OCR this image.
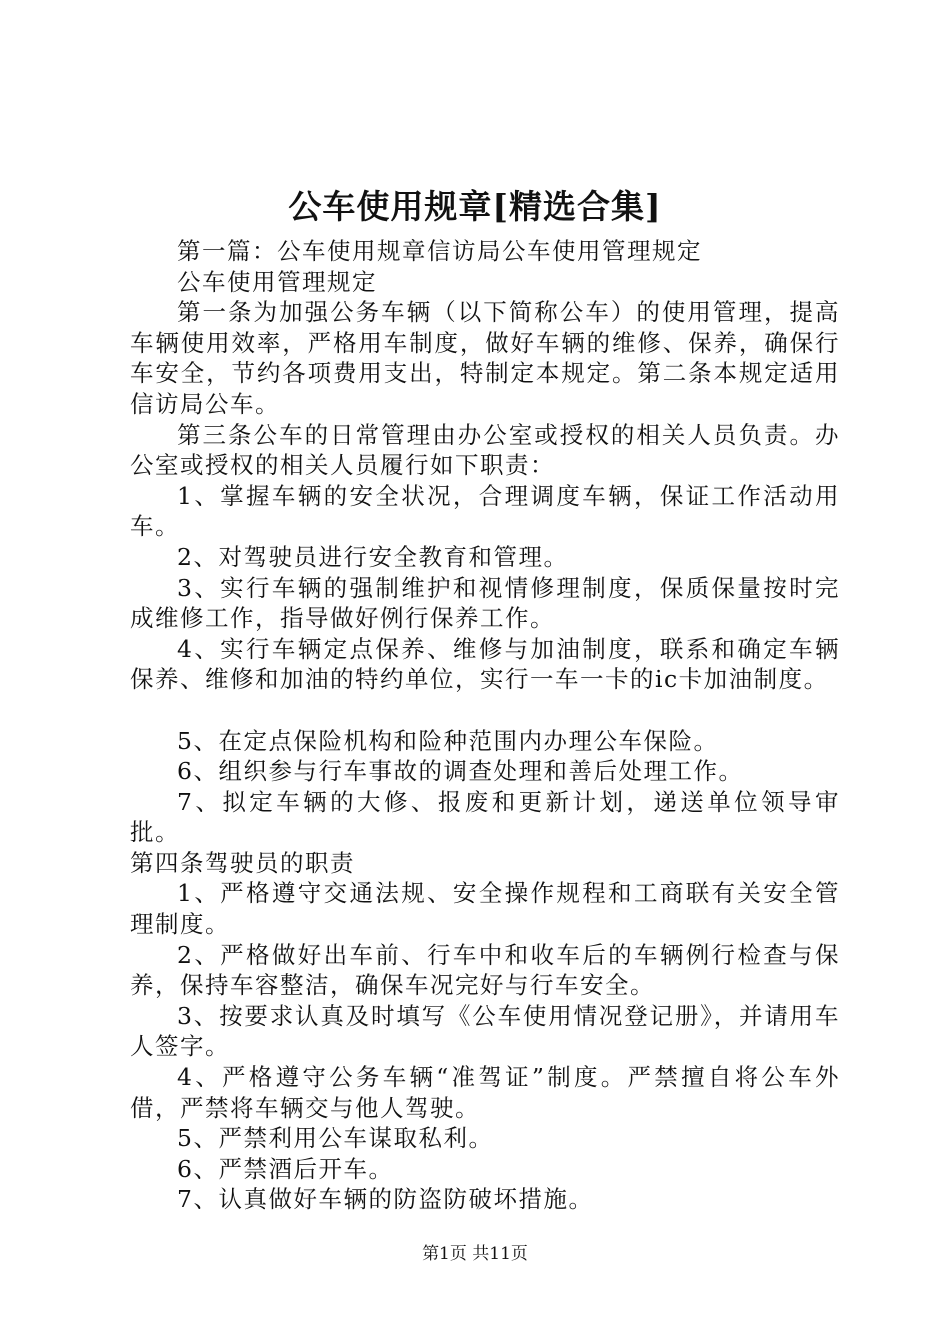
公车使用规章[精选合集]

第一篇：公车使用规章信访局公车使用管理规定

公车使用管理规定

第一条为加强公务车辆（以下简称公车）的使用管理，提高车辆使用效率，严格用车制度，做好车辆的维修、保养，确保行车安全，节约各项费用支出，特制定本规定。第二条本规定适用信访局公车。

第三条公车的日常管理由办公室或授权的相关人员负责。办公室或授权的相关人员履行如下职责：

1、掌握车辆的安全状况，合理调度车辆，保证工作活动用车。

2、对驾驶员进行安全教育和管理。

3、实行车辆的强制维护和视情修理制度，保质保量按时完成维修工作，指导做好例行保养工作。

4、实行车辆定点保养、维修与加油制度，联系和确定车辆保养、维修和加油的特约单位，实行一车一卡的ic卡加油制度。

5、在定点保险机构和险种范围内办理公车保险。

6、组织参与行车事故的调查处理和善后处理工作。

7、拟定车辆的大修、报废和更新计划，递送单位领导审批。

第四条驾驶员的职责

1、严格遵守交通法规、安全操作规程和工商联有关安全管理制度。

2、严格做好出车前、行车中和收车后的车辆例行检查与保养，保持车容整洁，确保车况完好与行车安全。

3、按要求认真及时填写《公车使用情况登记册》，并请用车人签字。

4、严格遵守公务车辆“准驾证”制度。严禁擅自将公车外借，严禁将车辆交与他人驾驶。

5、严禁利用公车谋取私利。

6、严禁酒后开车。

7、认真做好车辆的防盗防破坏措施。

第1页 共11页
